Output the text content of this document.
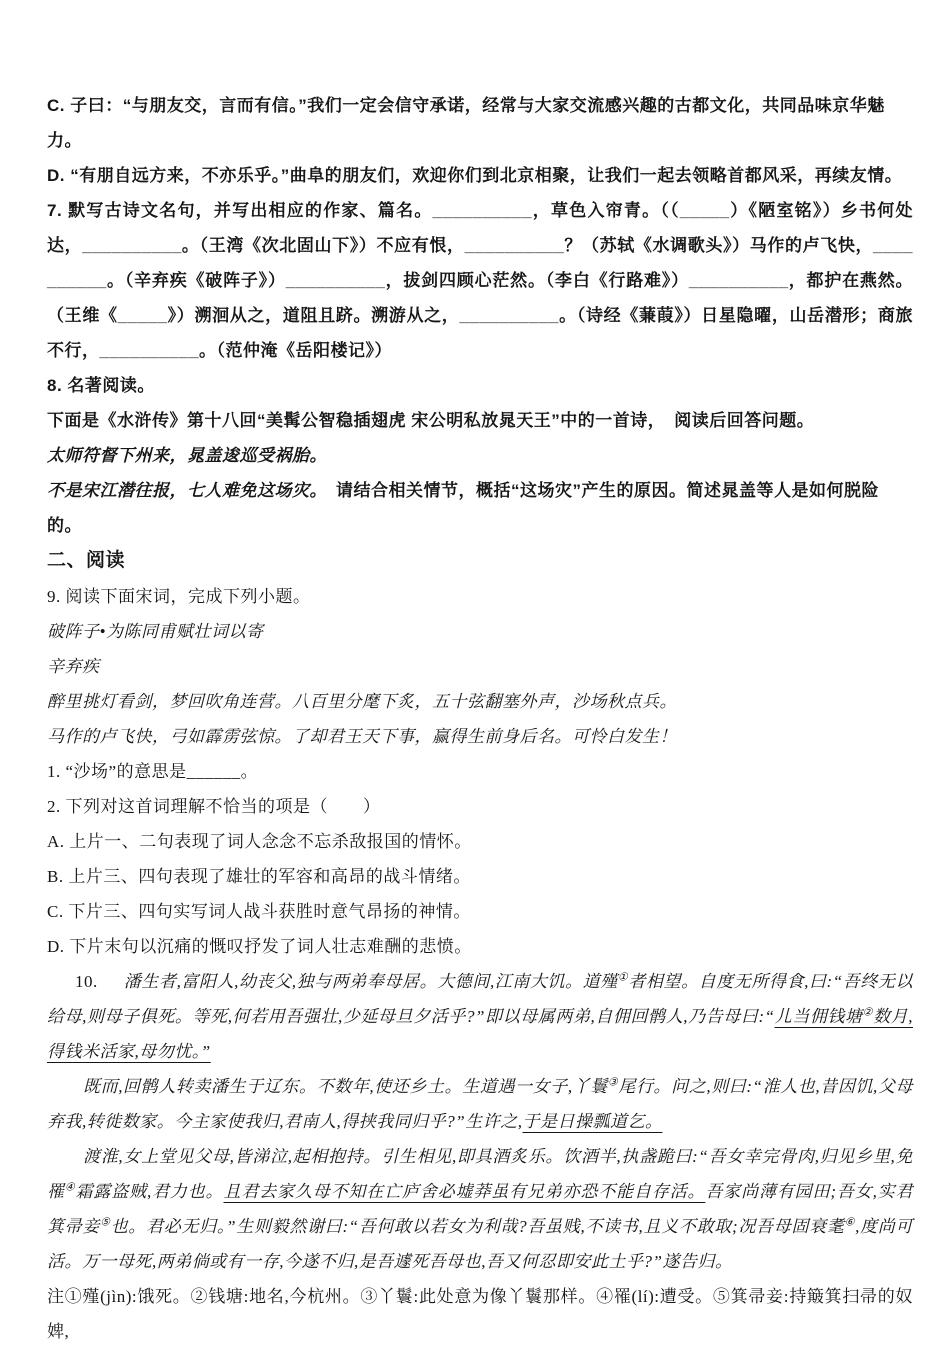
C. 子曰：“与朋友交，言而有信。”我们一定会信守承诺，经常与大家交流感兴趣的古都文化，共同品味京华魅力。

D. “有朋自远方来，不亦乐乎。”曲阜的朋友们，欢迎你们到北京相聚，让我们一起去领略首都风采，再续友情。

7. 默写古诗文名句，并写出相应的作家、篇名。__________，草色入帘青。（（_____）《陋室铭》）乡书何处达，__________。（王湾《次北固山下》）不应有恨，__________？（苏轼《水调歌头》）马作的卢飞快，__________。（辛弃疾《破阵子》）__________，拔剑四顾心茫然。（李白《行路难》）__________，都护在燕然。（王维《_____》）溯洄从之，道阻且跻。溯游从之，__________。（诗经《蒹葭》）日星隐曜，山岳潜形；商旅不行，__________。（范仲淹《岳阳楼记》）

8. 名著阅读。

下面是《水浒传》第十八回“美髯公智稳插翅虎 宋公明私放晁天王”中的一首诗，　阅读后回答问题。

太师符督下州来，晁盖逡巡受祸胎。

不是宋江潜往报，七人难免这场灾。　请结合相关情节，概括“这场灾”产生的原因。简述晁盖等人是如何脱险的。

二、阅读

9. 阅读下面宋词，完成下列小题。

破阵子•为陈同甫赋壮词以寄

辛弃疾

醉里挑灯看剑，梦回吹角连营。八百里分麾下炙，五十弦翻塞外声，沙场秋点兵。

马作的卢飞快，弓如霹雳弦惊。了却君王天下事，赢得生前身后名。可怜白发生！

1. “沙场”的意思是______。

2. 下列对这首词理解不恰当的项是（　　）

A. 上片一、二句表现了词人念念不忘杀敌报国的情怀。

B. 上片三、四句表现了雄壮的军容和高昂的战斗情绪。

C. 下片三、四句实写词人战斗获胜时意气昂扬的神情。

D. 下片末句以沉痛的慨叹抒发了词人壮志难酬的悲愤。

10. 潘生者,富阳人,幼丧父,独与两弟奉母居。大德间,江南大饥。道殣①者相望。自度无所得食,曰:“吾终无以给母,则母子俱死。等死,何若用吾强壮,少延母旦夕活乎?”即以母属两弟,自佣回鹘人,乃告母曰:“儿当佣钱塘②数月,得钱米活家,母勿忧。”

既而,回鹘人转卖潘生于辽东。不数年,使还乡土。生道遇一女子,丫鬟③尾行。问之,则曰:“淮人也,昔因饥,父母弃我,转徙数家。今主家使我归,君南人,得挟我同归乎?”生许之,于是日操瓢道乞。

渡淮,女上堂见父母,皆涕泣,起相抱持。引生相见,即具酒炙乐。饮酒半,执盏跪曰:“吾女幸完骨肉,归见乡里,免罹④霜露盗贼,君力也。且君去家久母不知在亡庐舍必墟莽虽有兄弟亦恐不能自存活。吾家尚薄有园田;吾女,实君箕帚妾⑤也。君必无归。”生则毅然谢曰:“吾何敢以若女为利哉?吾虽贱,不读书,且义不敢取;况吾母固衰耄⑥,度尚可活。万一母死,两弟倘或有一存,今遂不归,是吾遽死吾母也,吾又何忍即安此土乎?”遂告归。

注①殣(jìn):饿死。②钱塘:地名,今杭州。③丫鬟:此处意为像丫鬟那样。④罹(lí):遭受。⑤箕帚妾:持簸箕扫帚的奴婢,
